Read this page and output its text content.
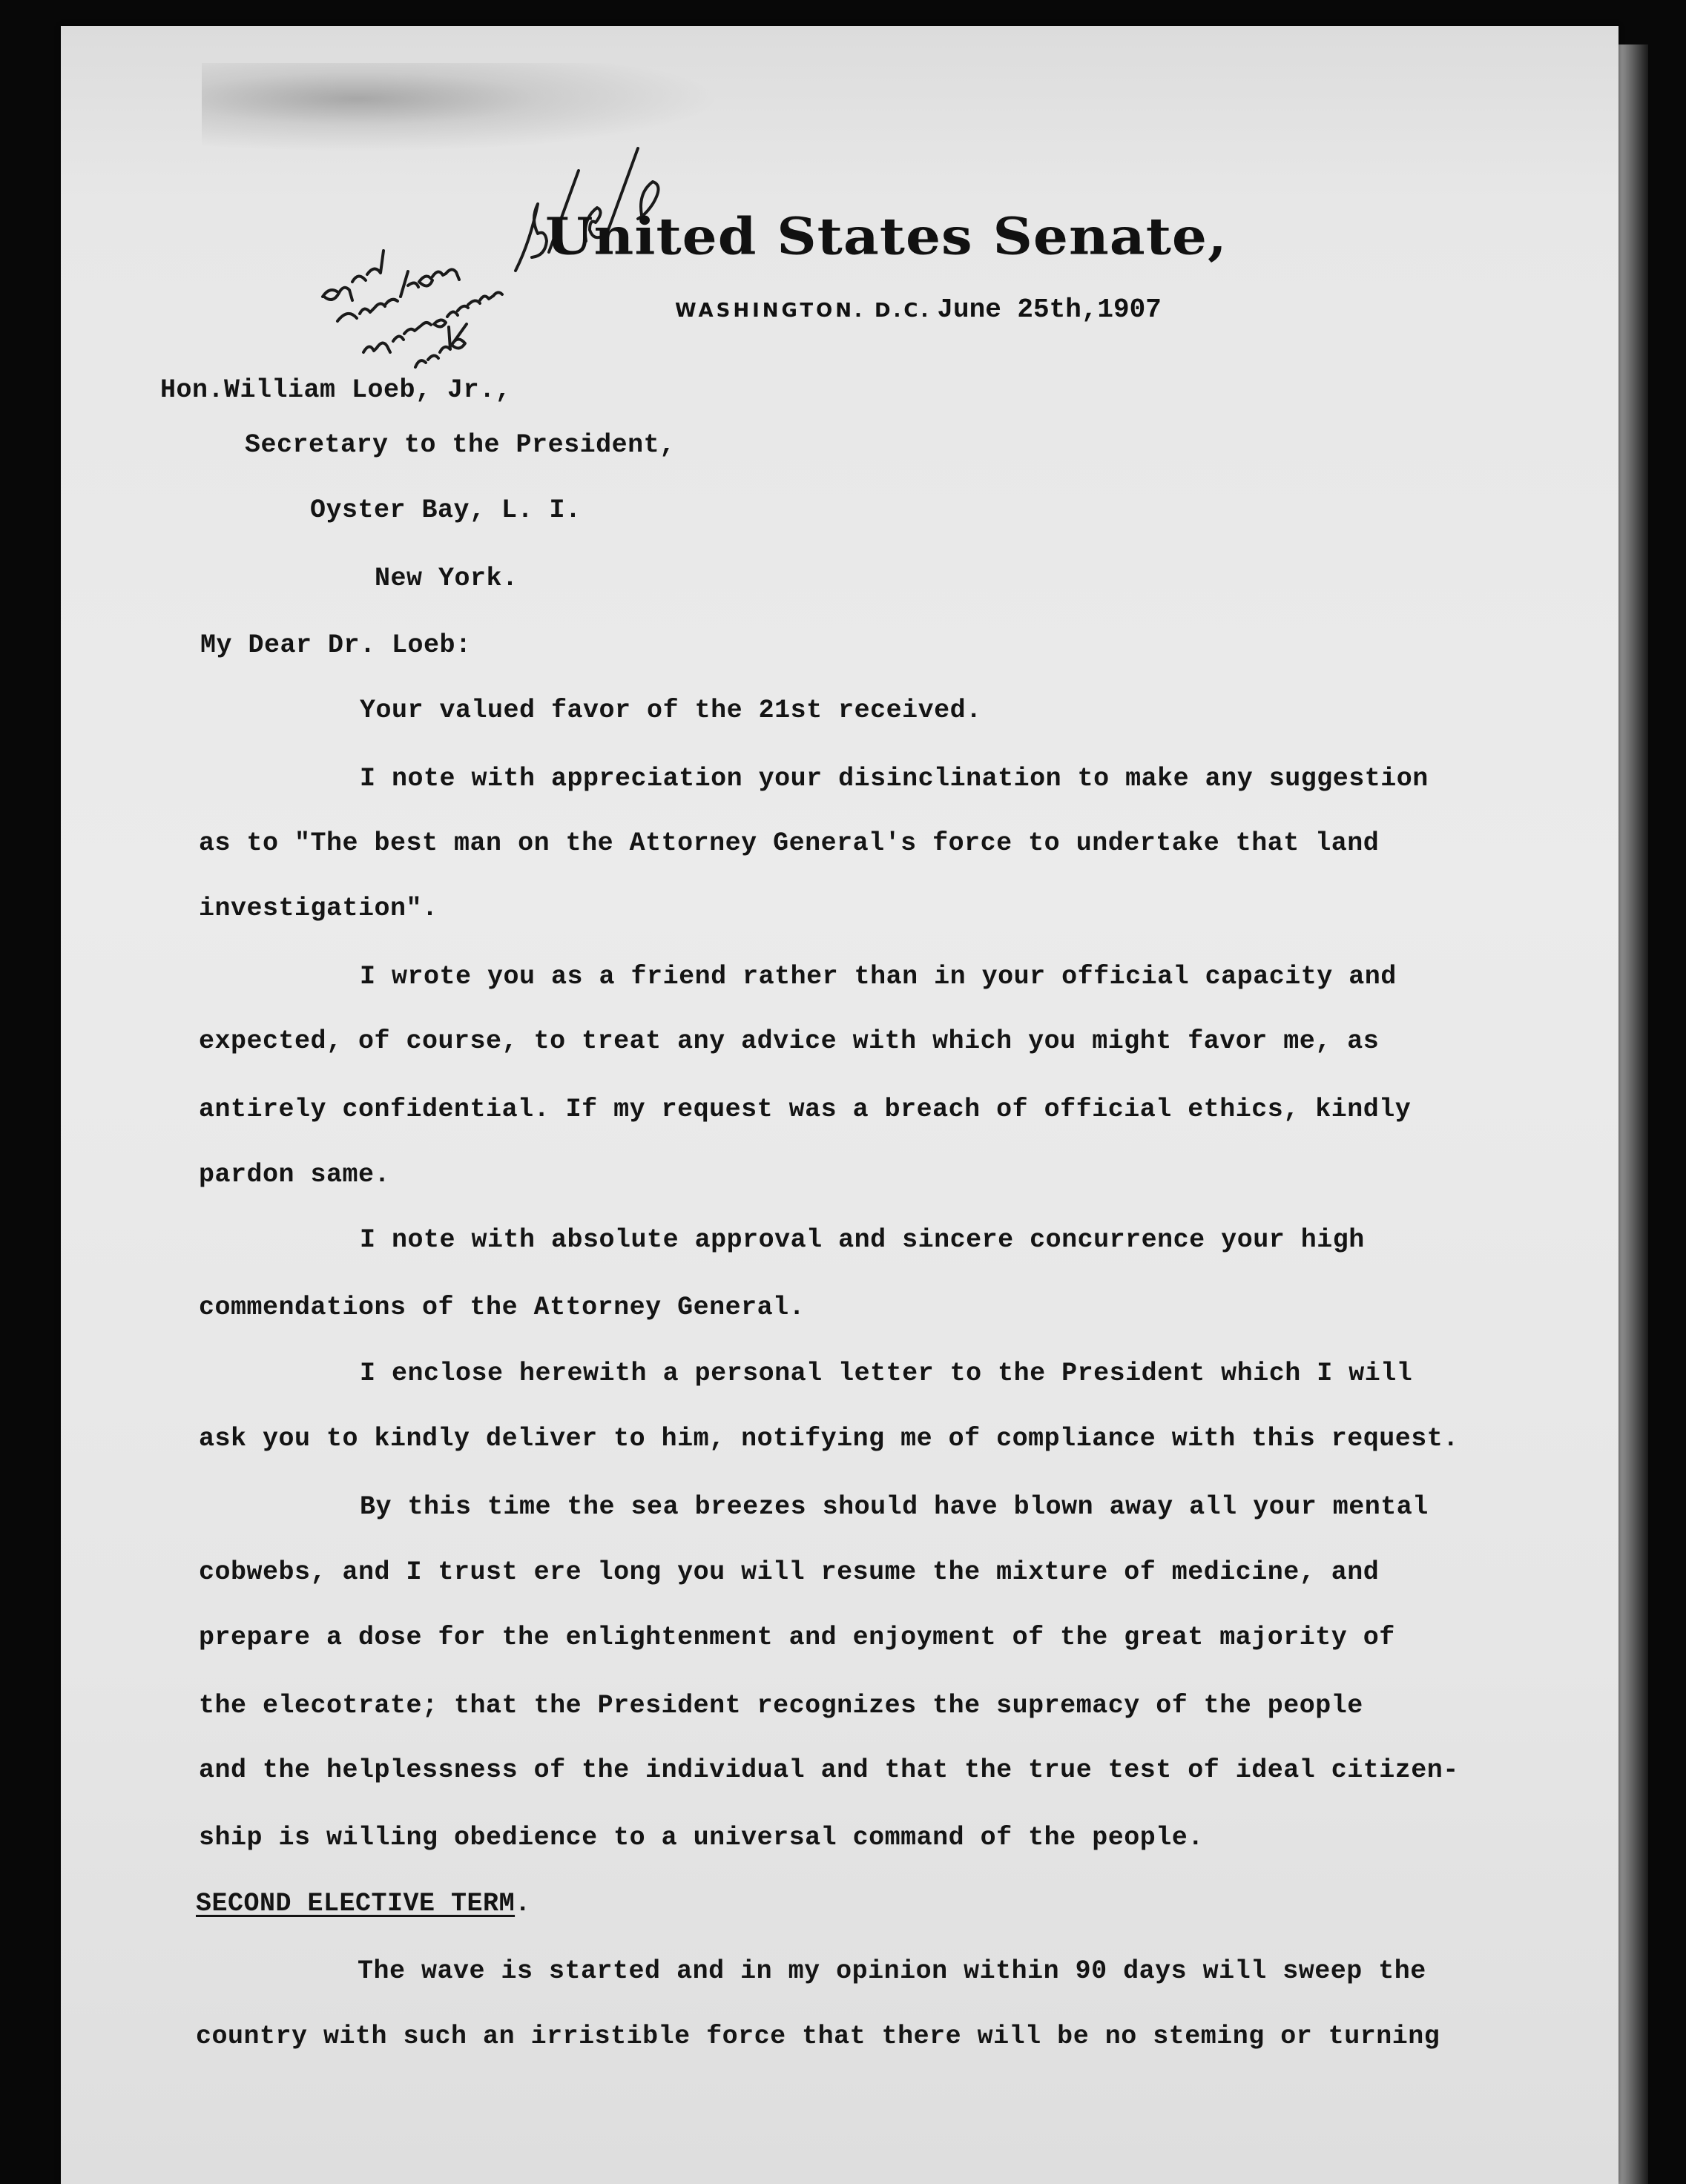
United States Senate,
WASHINGTON. D.C. June 25th,1907
Hon.William Loeb, Jr.,
Secretary to the President,
Oyster Bay, L. I.
New York.
My Dear Dr. Loeb:
Your valued favor of the 21st received.
I note with appreciation your disinclination to make any suggestion
as to "The best man on the Attorney General's force to undertake that land
investigation".
I wrote you as a friend rather than in your official capacity and
expected, of course, to treat any advice with which you might favor me, as
antirely confidential. If my request was a breach of official ethics, kindly
pardon same.
I note with absolute approval and sincere concurrence your high
commendations of the Attorney General.
I enclose herewith a personal letter to the President which I will
ask you to kindly deliver to him, notifying me of compliance with this request.
By this time the sea breezes should have blown away all your mental
cobwebs, and I trust ere long you will resume the mixture of medicine, and
prepare a dose for the enlightenment and enjoyment of the great majority of
the elecotrate; that the President recognizes the supremacy of the people
and the helplessness of the individual and that the true test of ideal citizen-
ship is willing obedience to a universal command of the people.
SECOND ELECTIVE TERM.
The wave is started and in my opinion within 90 days will sweep the
country with such an irristible force that there will be no steming or turning
